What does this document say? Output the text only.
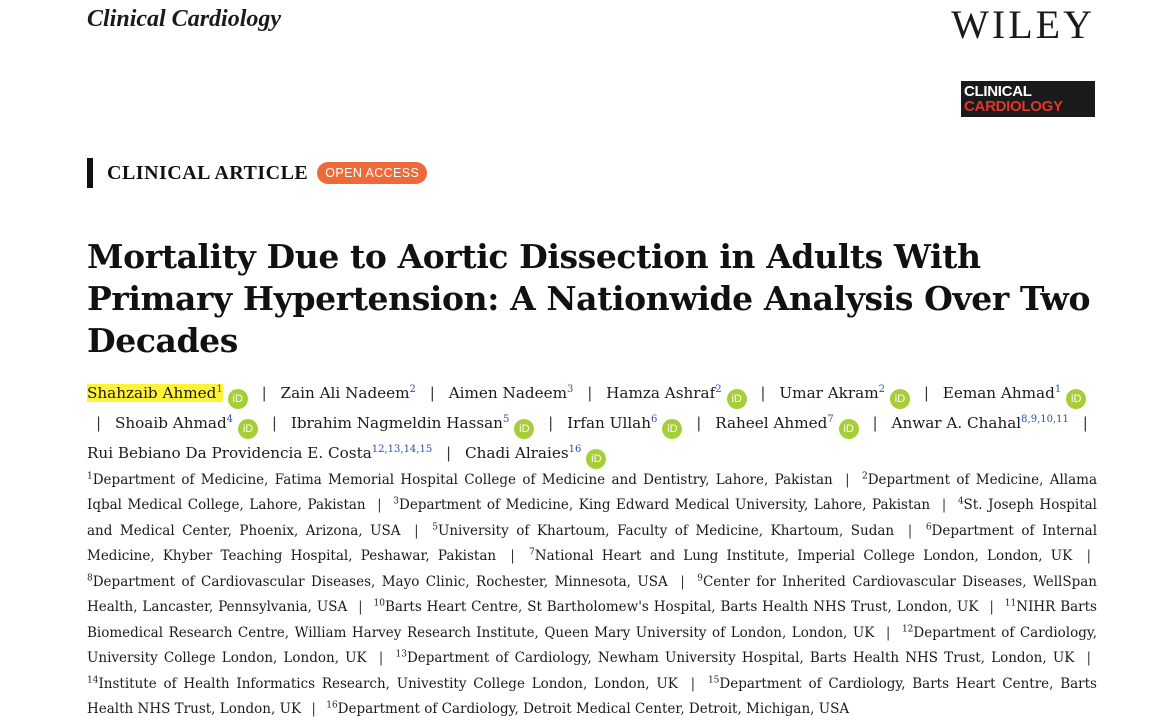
Clinical Cardiology	WILEY
CLINICAL
CARDIOLOGY
CLINICAL ARTICLE	OPEN ACCESS
Mortality Due to Aortic Dissection in Adults With Primary Hypertension: A Nationwide Analysis Over Two Decades
Shahzaib Ahmed$^1$iD | Zain Ali Nadeem$^2$ | Aimen Nadeem$^3$ | Hamza Ashraf$^2$iD | Umar Akram$^2$iD | Eeman Ahmad$^1$iD | Shoaib Ahmad$^4$iD | Ibrahim Nagmeldin Hassan$^5$iD | Irfan Ullah$^6$iD | Raheel Ahmed$^7$iD | Anwar A. Chahal$^{8,9,10,11}$ | Rui Bebiano Da Providencia E. Costa$^{12,13,14,15}$ | Chadi Alraies$^{16}$iD
$^1$Department of Medicine, Fatima Memorial Hospital College of Medicine and Dentistry, Lahore, Pakistan | $^2$Department of Medicine, Allama Iqbal Medical College, Lahore, Pakistan | $^3$Department of Medicine, King Edward Medical University, Lahore, Pakistan | $^4$St. Joseph Hospital and Medical Center, Phoenix, Arizona, USA | $^5$University of Khartoum, Faculty of Medicine, Khartoum, Sudan | $^6$Department of Internal Medicine, Khyber Teaching Hospital, Peshawar, Pakistan | $^7$National Heart and Lung Institute, Imperial College London, London, UK | $^8$Department of Cardiovascular Diseases, Mayo Clinic, Rochester, Minnesota, USA | $^9$Center for Inherited Cardiovascular Diseases, WellSpan Health, Lancaster, Pennsylvania, USA | $^{10}$Barts Heart Centre, St Bartholomew's Hospital, Barts Health NHS Trust, London, UK | $^{11}$NIHR Barts Biomedical Research Centre, William Harvey Research Institute, Queen Mary University of London, London, UK | $^{12}$Department of Cardiology, University College London, London, UK | $^{13}$Department of Cardiology, Newham University Hospital, Barts Health NHS Trust, London, UK | $^{14}$Institute of Health Informatics Research, Univestity College London, London, UK | $^{15}$Department of Cardiology, Barts Heart Centre, Barts Health NHS Trust, London, UK | $^{16}$Department of Cardiology, Detroit Medical Center, Detroit, Michigan, USA
